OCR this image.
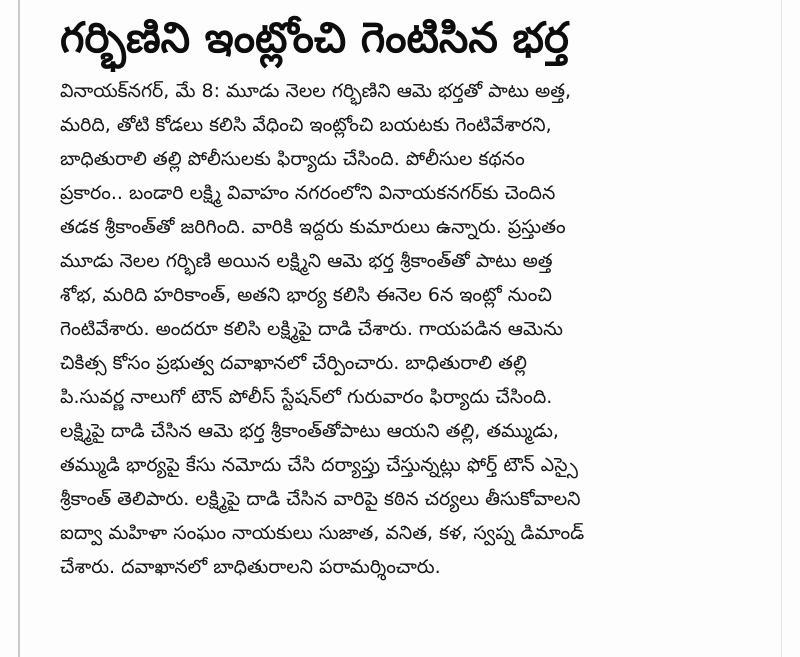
గర్భిణిని ఇంట్లోంచి గెంటిసిన భర్త
వినాయక్‌నగర్, మే 8: మూడు నెలల గర్భిణిని ఆమె భర్తతో పాటు అత్త,
మరిది, తోటి కోడలు కలిసి వేధించి ఇంట్లోంచి బయటకు గెంటివేశారని,
బాధితురాలి తల్లి పోలీసులకు ఫిర్యాదు చేసింది. పోలీసుల కథనం
ప్రకారం.. బండారి లక్ష్మి వివాహం నగరంలోని వినాయకనగర్‌కు చెందిన
తడక శ్రీకాంత్‌తో జరిగింది. వారికి ఇద్దరు కుమారులు ఉన్నారు. ప్రస్తుతం
మూడు నెలల గర్భిణి అయిన లక్ష్మిని ఆమె భర్త శ్రీకాంత్‌తో పాటు అత్త
శోభ, మరిది హరికాంత్, అతని భార్య కలిసి ఈనెల 6న ఇంట్లో నుంచి
గెంటివేశారు. అందరూ కలిసి లక్ష్మిపై దాడి చేశారు. గాయపడిన ఆమెను
చికిత్స కోసం ప్రభుత్వ దవాఖానలో చేర్పించారు. బాధితురాలి తల్లి
పి.సువర్ణ నాలుగో టౌన్ పోలీస్ స్టేషన్‌లో గురువారం ఫిర్యాదు చేసింది.
లక్ష్మిపై దాడి చేసిన ఆమె భర్త శ్రీకాంత్‌తోపాటు ఆయని తల్లి, తమ్ముడు,
తమ్ముడి భార్యపై కేసు నమోదు చేసి దర్యాప్తు చేస్తున్నట్లు ఫోర్త్ టౌన్ ఎస్సై
శ్రీకాంత్ తెలిపారు. లక్ష్మిపై దాడి చేసిన వారిపై కఠిన చర్యలు తీసుకోవాలని
ఐద్వా మహిళా సంఘం నాయకులు సుజాత, వనిత, కళ, స్వప్న డిమాండ్
చేశారు. దవాఖానలో బాధితురాలని పరామర్శించారు.
